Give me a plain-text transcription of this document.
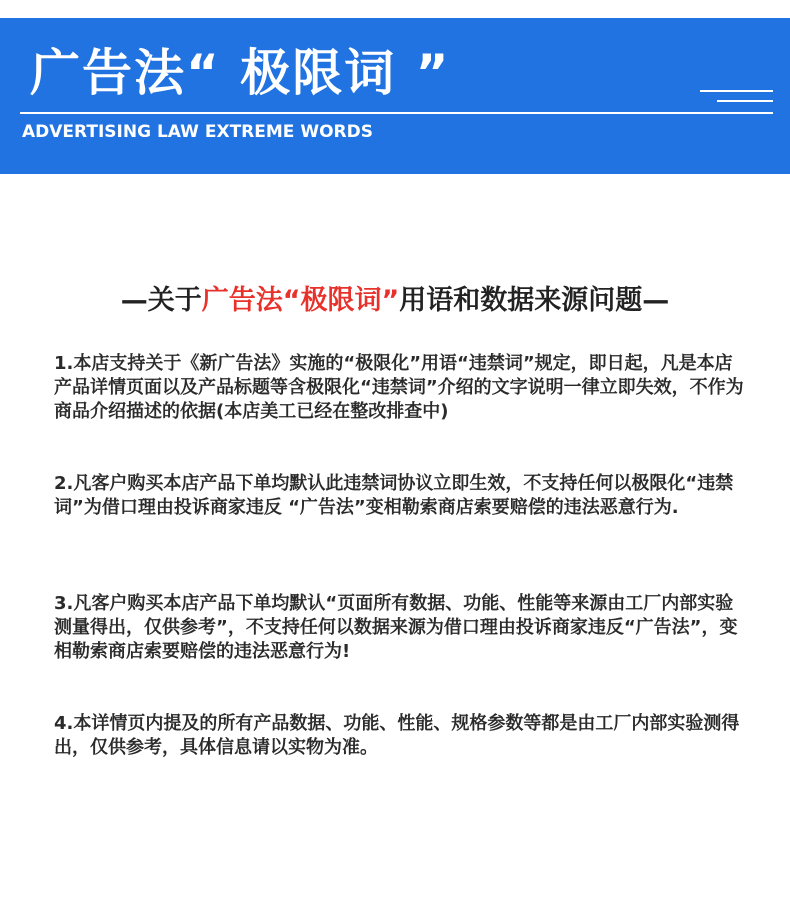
广告法“ 极限词 ”
ADVERTISING LAW EXTREME WORDS
—关于广告法“极限词”用语和数据来源问题—
1.本店支持关于《新广告法》实施的“极限化”用语“违禁词”规定，即日起，凡是本店产品详情页面以及产品标题等含极限化“违禁词”介绍的文字说明一律立即失效，不作为商品介绍描述的依据(本店美工已经在整改排查中)
2.凡客户购买本店产品下单均默认此违禁词协议立即生效，不支持任何以极限化“违禁词”为借口理由投诉商家违反 “广告法”变相勒索商店索要赔偿的违法恶意行为.
3.凡客户购买本店产品下单均默认“页面所有数据、功能、性能等来源由工厂内部实验测量得出，仅供参考”，不支持任何以数据来源为借口理由投诉商家违反“广告法”，变相勒索商店索要赔偿的违法恶意行为!
4.本详情页内提及的所有产品数据、功能、性能、规格参数等都是由工厂内部实验测得出，仅供参考，具体信息请以实物为准。
